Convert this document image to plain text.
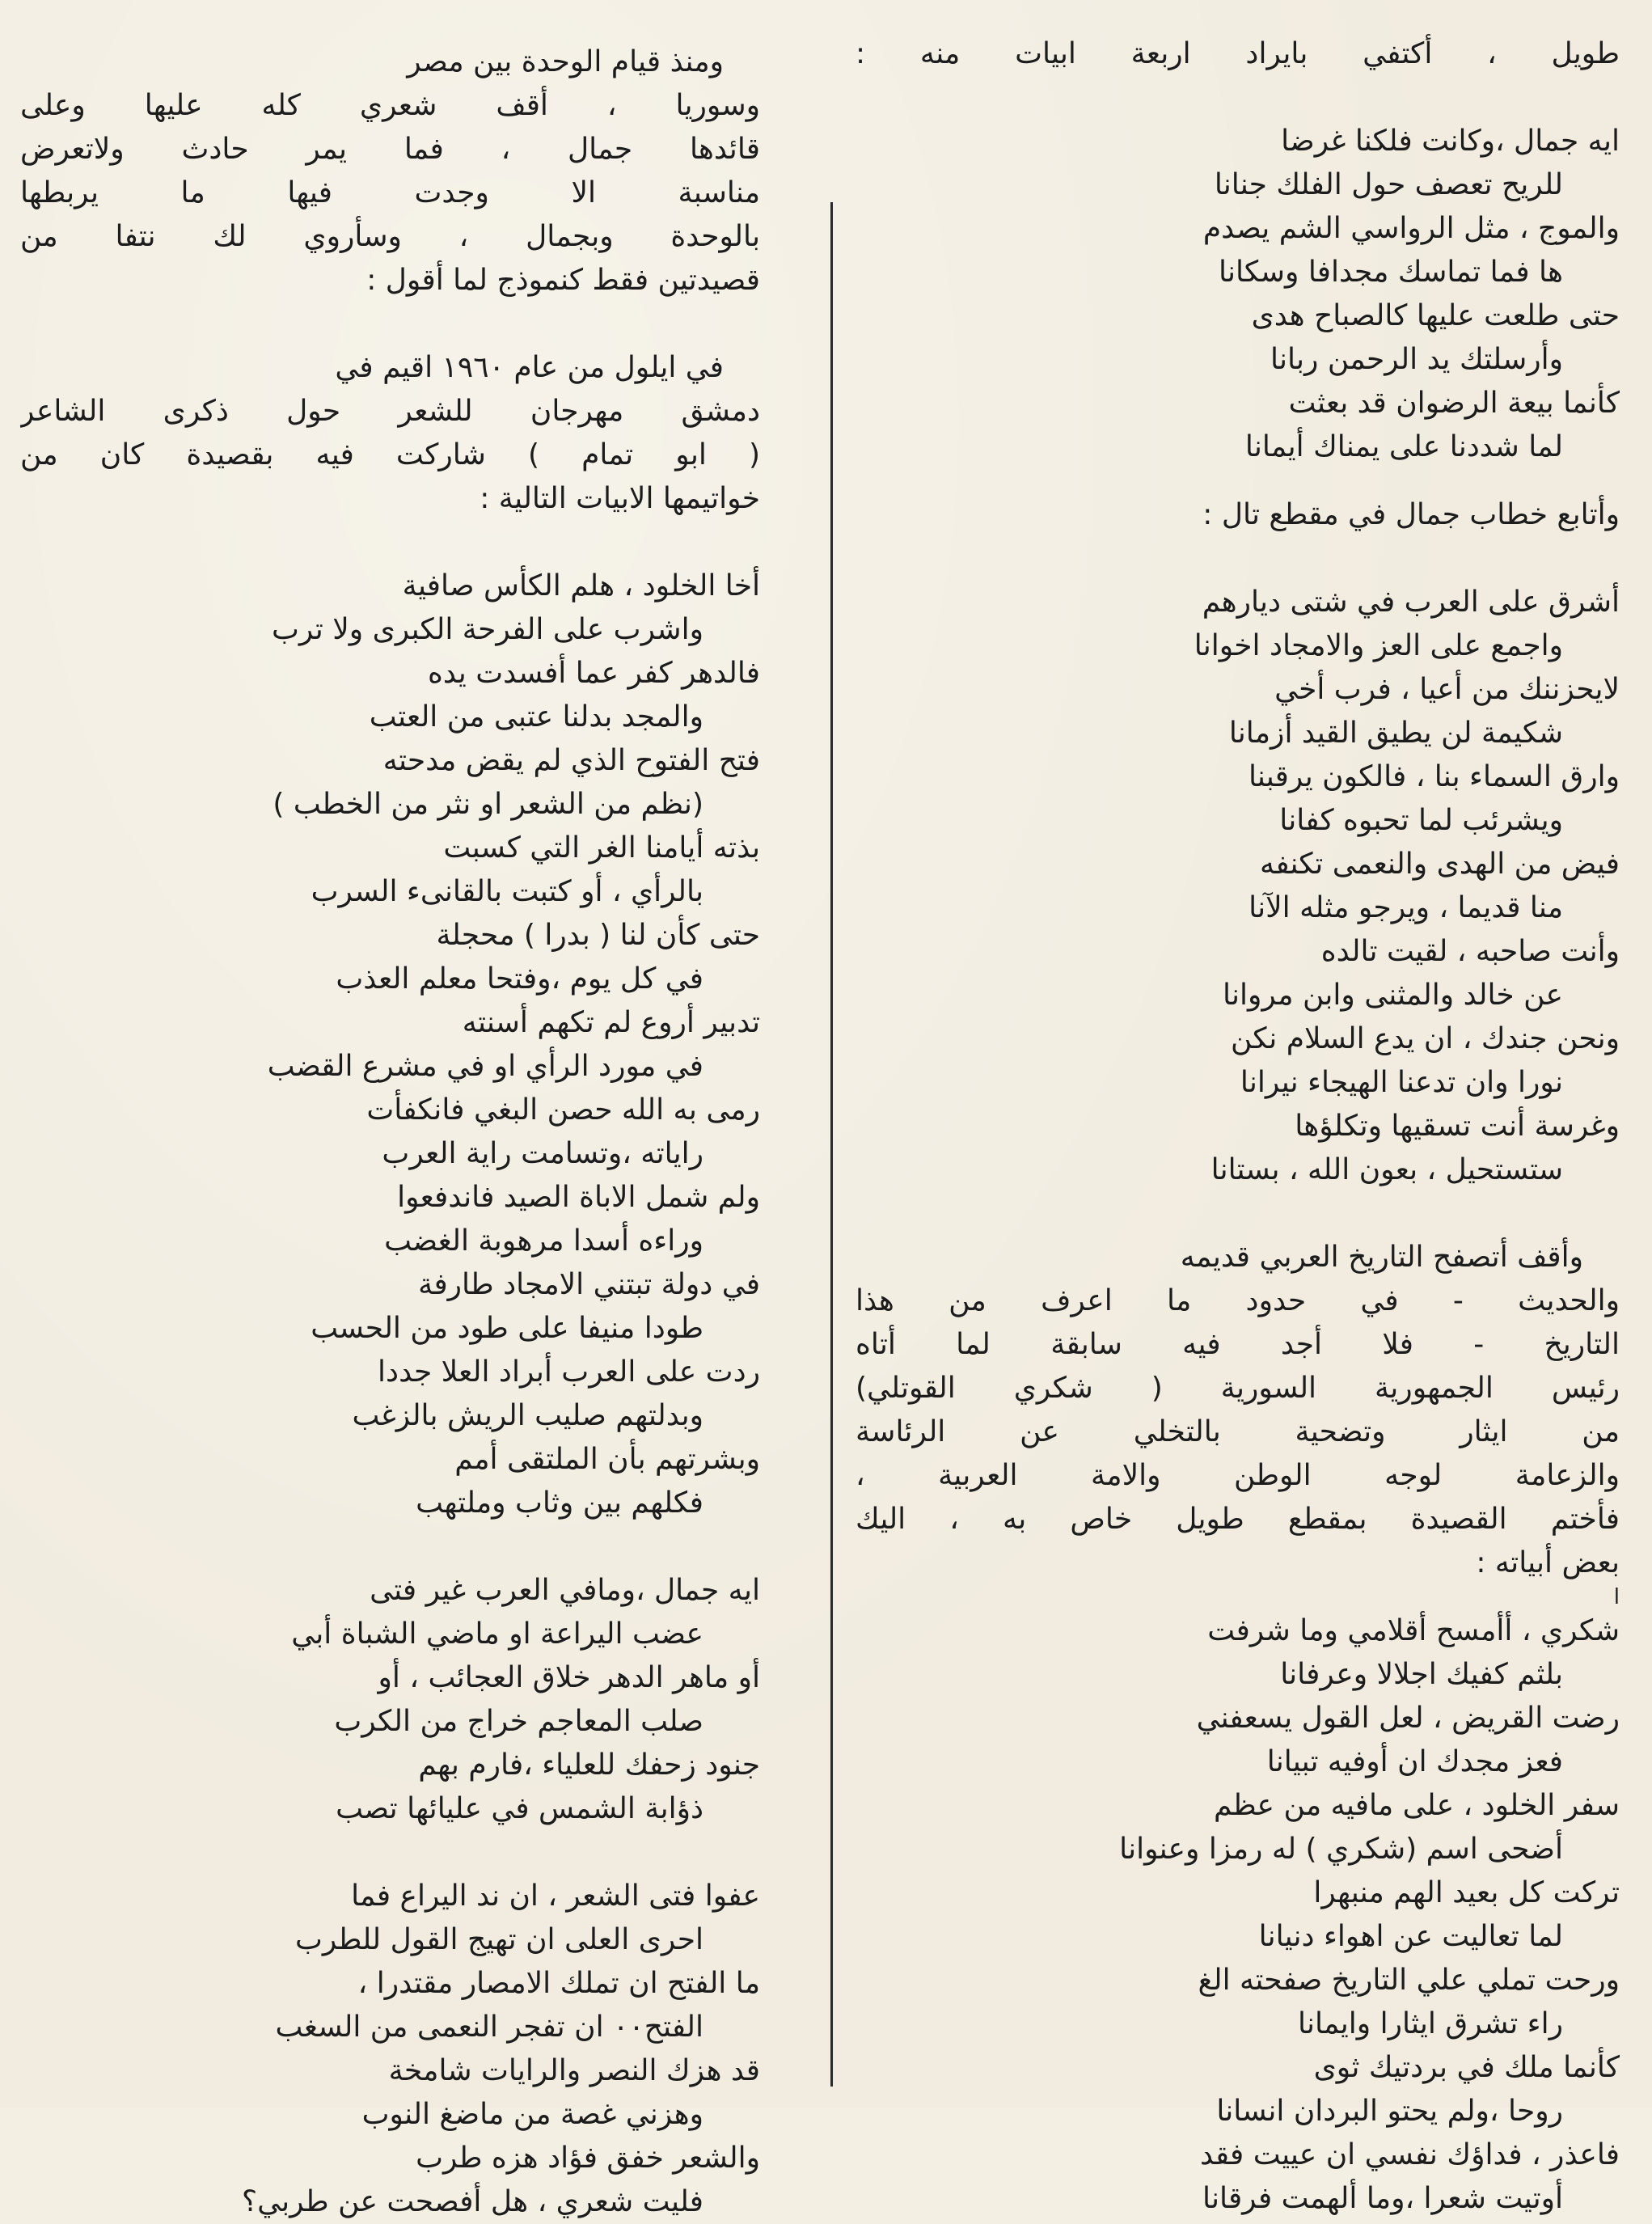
طويل ، أكتفي بايراد اربعة ابيات منه :
ايه جمال ،وكانت فلكنا غرضا
للريح تعصف حول الفلك جنانا
والموج ، مثل الرواسي الشم يصدم
ها فما تماسك مجدافا وسكانا
حتى طلعت عليها كالصباح هدى
وأرسلتك يد الرحمن ربانا
كأنما بيعة الرضوان قد بعثت
لما شددنا على يمناك أيمانا
وأتابع خطاب جمال في مقطع تال :
أشرق على العرب في شتى ديارهم
واجمع على العز والامجاد اخوانا
لايحزننك من أعيا ، فرب أخي
شكيمة لن يطيق القيد أزمانا
وارق السماء بنا ، فالكون يرقبنا
ويشرئب لما تحبوه كفانا
فيض من الهدى والنعمى تكنفه
منا قديما ، ويرجو مثله الآنا
وأنت صاحبه ، لقيت تالده
عن خالد والمثنى وابن مروانا
ونحن جندك ، ان يدع السلام نكن
نورا وان تدعنا الهيجاء نيرانا
وغرسة أنت تسقيها وتكلؤها
ستستحيل ، بعون الله ، بستانا
وأقف أتصفح التاريخ العربي قديمه
والحديث - في حدود ما اعرف من هذا
التاريخ - فلا أجد فيه سابقة لما أتاه
رئيس الجمهورية السورية ( شكري القوتلي)
من ايثار وتضحية بالتخلي عن الرئاسة
والزعامة لوجه الوطن والامة العربية ،
فأختم القصيدة بمقطع طويل خاص به ، اليك
بعض أبياته :
ا
شكري ، أأمسح أقلامي وما شرفت
بلثم كفيك اجلالا وعرفانا
رضت القريض ، لعل القول يسعفني
فعز مجدك ان أوفيه تبيانا
سفر الخلود ، على مافيه من عظم
أضحى اسم (شكري ) له رمزا وعنوانا
تركت كل بعيد الهم منبهرا
لما تعاليت عن اهواء دنيانا
ورحت تملي علي التاريخ صفحته الغ
راء تشرق ايثارا وايمانا
كأنما ملك في بردتيك ثوى
روحا ،ولم يحتو البردان انسانا
فاعذر ، فداؤك نفسي ان عييت فقد
أوتيت شعرا ،وما ألهمت فرقانا
ومنذ قيام الوحدة بين مصر
وسوريا ، أقف شعري كله عليها وعلى
قائدها جمال ، فما يمر حادث ولاتعرض
مناسبة الا وجدت فيها ما يربطها
بالوحدة وبجمال ، وسأروي لك نتفا من
قصيدتين فقط كنموذج لما أقول :
في ايلول من عام ١٩٦٠ اقيم في
دمشق مهرجان للشعر حول ذكرى الشاعر
( ابو تمام ) شاركت فيه بقصيدة كان من
خواتيمها الابيات التالية :
أخا الخلود ، هلم الكأس صافية
واشرب على الفرحة الكبرى ولا ترب
فالدهر كفر عما أفسدت يده
والمجد بدلنا عتبى من العتب
فتح الفتوح الذي لم يقض مدحته
(نظم من الشعر او نثر من الخطب )
بذته أيامنا الغر التي كسبت
بالرأي ، أو كتبت بالقانىء السرب
حتى كأن لنا ( بدرا ) محجلة
في كل يوم ،وفتحا معلم العذب
تدبير أروع لم تكهم أسنته
في مورد الرأي او في مشرع القضب
رمى به الله حصن البغي فانكفأت
راياته ،وتسامت راية العرب
ولم شمل الاباة الصيد فاندفعوا
وراءه أسدا مرهوبة الغضب
في دولة تبتني الامجاد طارفة
طودا منيفا على طود من الحسب
ردت على العرب أبراد العلا جددا
وبدلتهم صليب الريش بالزغب
وبشرتهم بأن الملتقى أمم
فكلهم بين وثاب وملتهب
ايه جمال ،ومافي العرب غير فتى
عضب اليراعة او ماضي الشباة أبي
أو ماهر الدهر خلاق العجائب ، أو
صلب المعاجم خراج من الكرب
جنود زحفك للعلياء ،فارم بهم
ذؤابة الشمس في عليائها تصب
عفوا فتى الشعر ، ان ند اليراع فما
احرى العلى ان تهيج القول للطرب
ما الفتح ان تملك الامصار مقتدرا ،
الفتح٠٠ ان تفجر النعمى من السغب
قد هزك النصر والرايات شامخة
وهزني غصة من ماضغ النوب
والشعر خفق فؤاد هزه طرب
فليت شعري ، هل أفصحت عن طربي؟
